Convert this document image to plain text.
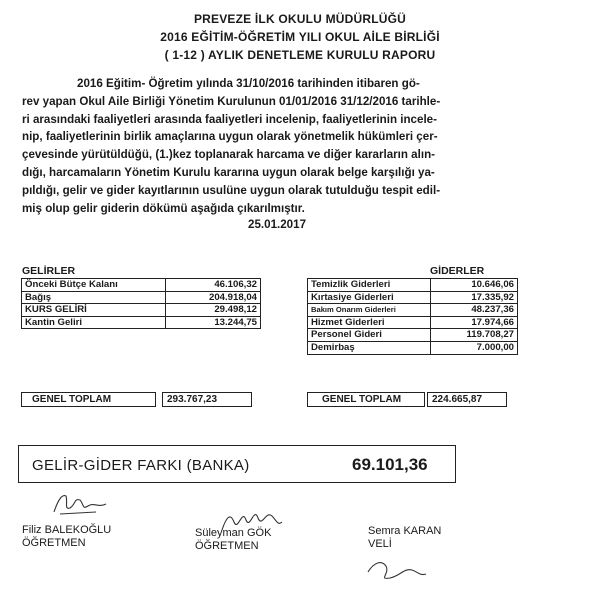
PREVEZE İLK OKULU MÜDÜRLÜĞÜ
2016 EĞİTİM-ÖĞRETİM YILI OKUL AİLE BİRLİĞİ
( 1-12 ) AYLIK DENETLEME KURULU RAPORU
2016 Eğitim- Öğretim yılında 31/10/2016 tarihinden itibaren gö-
rev yapan Okul Aile Birliği Yönetim Kurulunun 01/01/2016 31/12/2016 tarihle-
ri arasındaki faaliyetleri arasında faaliyetleri incelenip, faaliyetlerinin incele-
nip, faaliyetlerinin birlik amaçlarına uygun olarak yönetmelik hükümleri çer-
çevesinde yürütüldüğü, (1.)kez toplanarak harcama ve diğer kararların alın-
dığı, harcamaların Yönetim Kurulu kararına uygun olarak belge karşılığı ya-
pıldığı, gelir ve gider kayıtlarının usulüne uygun olarak tutulduğu tespit edil-
miş olup gelir giderin dökümü aşağıda çıkarılmıştır.
25.01.2017
GELİRLER
Önceki Bütçe Kalanı	46.106,32
Bağış	204.918,04
KURS GELİRİ	29.498,12
Kantin Geliri	13.244,75
GİDERLER
Temizlik Giderleri	10.646,06
Kırtasiye Giderleri	17.335,92
Bakım Onarım Giderleri	48.237,36
Hizmet Giderleri	17.974,66
Personel Gideri	119.708,27
Demirbaş	7.000,00
GENEL TOPLAM	293.767,23	GENEL TOPLAM	224.665,87
GELİR-GİDER FARKI (BANKA)	69.101,36
Filiz BALEKOĞLU
ÖĞRETMEN
Süleyman GÖK
ÖĞRETMEN
Semra KARAN
VELİ
